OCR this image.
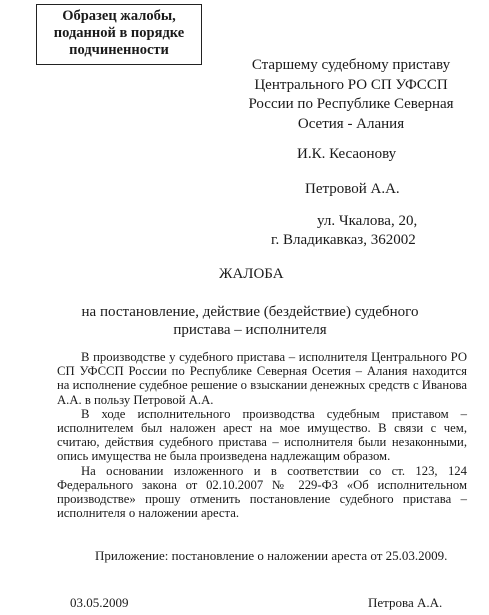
Образец жалобы,
поданной в порядке
подчиненности
Старшему судебному приставу
Центрального РО СП УФССП
России по Республике Северная
Осетия - Алания
И.К. Кесаонову
Петровой А.А.
ул. Чкалова, 20,
г. Владикавказ, 362002
ЖАЛОБА
на постановление, действие (бездействие) судебного
пристава – исполнителя

В производстве у судебного пристава – исполнителя Центрального РО СП УФССП России по Республике Северная Осетия – Алания находится на исполнение судебное решение о взыскании денежных средств с Иванова А.А. в пользу Петровой А.А.

В ходе исполнительного производства судебным приставом – исполнителем был наложен арест на мое имущество. В связи с чем, считаю, действия судебного пристава – исполнителя были незаконными, опись имущества не была произведена надлежащим образом.

На основании изложенного и в соответствии со ст. 123, 124 Федерального закона от 02.10.2007 № 229-ФЗ «Об исполнительном производстве» прошу отменить постановление судебного пристава – исполнителя о наложении ареста.

Приложение: постановление о наложении ареста от 25.03.2009.
03.05.2009	Петрова А.А.
